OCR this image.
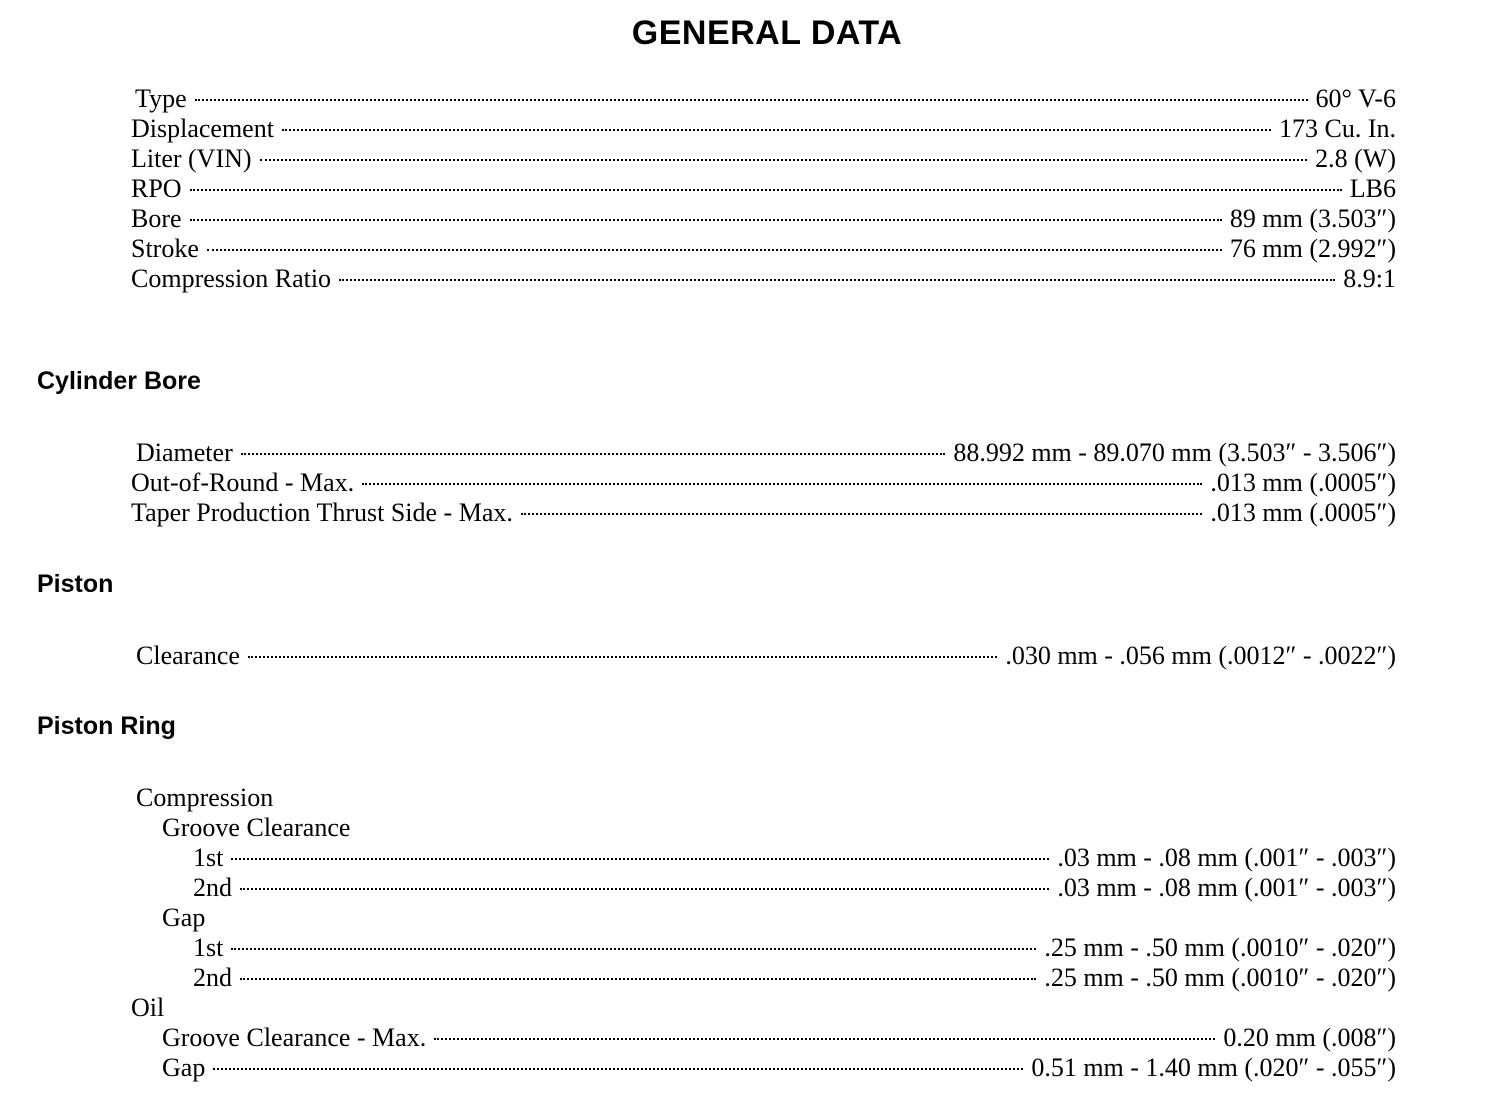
GENERAL DATA
Type	60° V-6
Displacement	173 Cu. In.
Liter (VIN)	2.8 (W)
RPO	LB6
Bore	89 mm (3.503″)
Stroke	76 mm (2.992″)
Compression Ratio	8.9:1
Cylinder Bore
Diameter	88.992 mm - 89.070 mm (3.503″ - 3.506″)
Out-of-Round - Max.	.013 mm (.0005″)
Taper Production Thrust Side - Max.	.013 mm (.0005″)
Piston
Clearance	.030 mm - .056 mm (.0012″ - .0022″)
Piston Ring
Compression
Groove Clearance
1st	.03 mm - .08 mm (.001″ - .003″)
2nd	.03 mm - .08 mm (.001″ - .003″)
Gap
1st	.25 mm - .50 mm (.0010″ - .020″)
2nd	.25 mm - .50 mm (.0010″ - .020″)
Oil
Groove Clearance - Max.	0.20 mm (.008″)
Gap	0.51 mm - 1.40 mm (.020″ - .055″)
